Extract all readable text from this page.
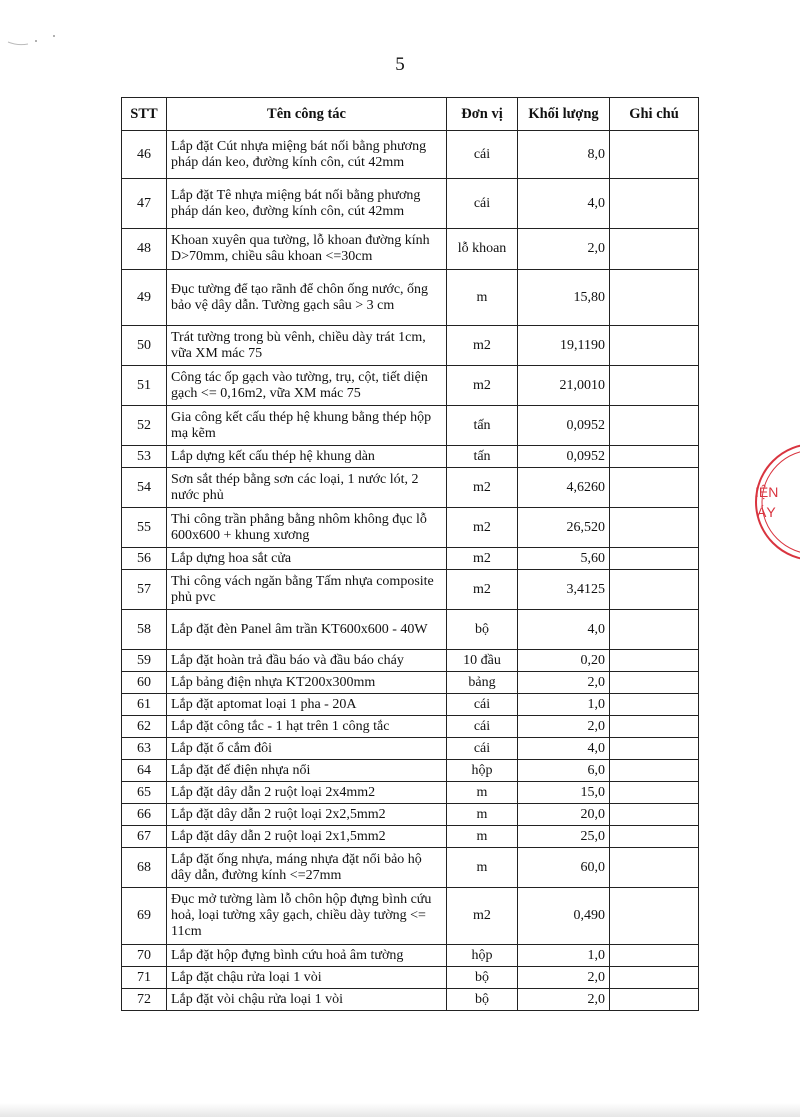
5
STT	Tên công tác	Đơn vị	Khối lượng	Ghi chú
46	Lắp đặt Cút nhựa miệng bát nối bằng phương pháp dán keo, đường kính côn, cút 42mm	cái	8,0	
47	Lắp đặt Tê nhựa miệng bát nối bằng phương pháp dán keo, đường kính côn, cút 42mm	cái	4,0	
48	Khoan xuyên qua tường, lỗ khoan đường kính D>70mm, chiều sâu khoan <=30cm	lỗ khoan	2,0	
49	Đục tường để tạo rãnh để chôn ống nước, ống bảo vệ dây dẫn. Tường gạch sâu > 3 cm	m	15,80	
50	Trát tường trong bù vênh, chiều dày trát 1cm, vữa XM mác 75	m2	19,1190	
51	Công tác ốp gạch vào tường, trụ, cột, tiết diện gạch <= 0,16m2, vữa XM mác 75	m2	21,0010	
52	Gia công kết cấu thép hệ khung bằng thép hộp mạ kẽm	tấn	0,0952	
53	Lắp dựng kết cấu thép hệ khung dàn	tấn	0,0952	
54	Sơn sắt thép bằng sơn các loại, 1 nước lót, 2 nước phủ	m2	4,6260	
55	Thi công trần phẳng bằng nhôm không đục lỗ 600x600 + khung xương	m2	26,520	
56	Lắp dựng hoa sắt cửa	m2	5,60	
57	Thi công vách ngăn bằng Tấm nhựa composite phủ pvc	m2	3,4125	
58	Lắp đặt đèn Panel âm trần KT600x600 - 40W	bộ	4,0	
59	Lắp đặt hoàn trả đầu báo và đầu báo cháy	10 đầu	0,20	
60	Lắp bảng điện nhựa KT200x300mm	bảng	2,0	
61	Lắp đặt aptomat loại 1 pha - 20A	cái	1,0	
62	Lắp đặt công tắc - 1 hạt trên 1 công tắc	cái	2,0	
63	Lắp đặt ổ cắm đôi	cái	4,0	
64	Lắp đặt đế điện nhựa nổi	hộp	6,0	
65	Lắp đặt dây dẫn 2 ruột loại 2x4mm2	m	15,0	
66	Lắp đặt dây dẫn 2 ruột loại 2x2,5mm2	m	20,0	
67	Lắp đặt dây dẫn 2 ruột loại 2x1,5mm2	m	25,0	
68	Lắp đặt ống nhựa, máng nhựa đặt nổi bảo hộ dây dẫn, đường kính <=27mm	m	60,0	
69	Đục mở tường làm lỗ chôn hộp đựng bình cứu hoả, loại tường xây gạch, chiều dày tường <= 11cm	m2	0,490	
70	Lắp đặt hộp đựng bình cứu hoả âm tường	hộp	1,0	
71	Lắp đặt chậu rửa loại 1 vòi	bộ	2,0	
72	Lắp đặt vòi chậu rửa loại 1 vòi	bộ	2,0	
IỆN
ÁY
